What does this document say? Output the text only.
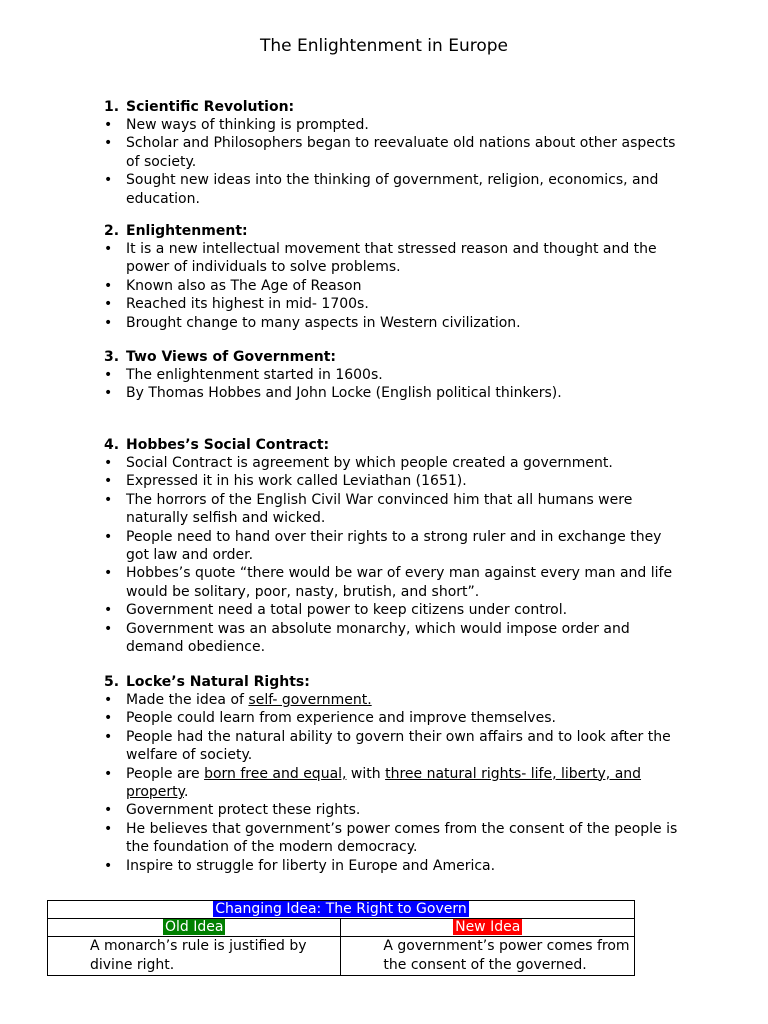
The Enlightenment in Europe

1. Scientific Revolution:

• New ways of thinking is prompted.
• Scholar and Philosophers began to reevaluate old nations about other aspects of society.
• Sought new ideas into the thinking of government, religion, economics, and education.

2. Enlightenment:

• It is a new intellectual movement that stressed reason and thought and the power of individuals to solve problems.
• Known also as The Age of Reason
• Reached its highest in mid- 1700s.
• Brought change to many aspects in Western civilization.

3. Two Views of Government:

• The enlightenment started in 1600s.
• By Thomas Hobbes and John Locke (English political thinkers).

4. Hobbes’s Social Contract:

• Social Contract is agreement by which people created a government.
• Expressed it in his work called Leviathan (1651).
• The horrors of the English Civil War convinced him that all humans were naturally selfish and wicked.
• People need to hand over their rights to a strong ruler and in exchange they got law and order.
• Hobbes’s quote “there would be war of every man against every man and life would be solitary, poor, nasty, brutish, and short”.
• Government need a total power to keep citizens under control.
• Government was an absolute monarchy, which would impose order and demand obedience.

5. Locke’s Natural Rights:

• Made the idea of self- government.
• People could learn from experience and improve themselves.
• People had the natural ability to govern their own affairs and to look after the welfare of society.
• People are born free and equal, with three natural rights- life, liberty, and property.
• Government protect these rights.
• He believes that government’s power comes from the consent of the people is the foundation of the modern democracy.
• Inspire to struggle for liberty in Europe and America.
Changing Idea: The Right to Govern	
Old Idea	New Idea
A monarch’s rule is justified by divine right.	A government’s power comes from the consent of the governed.
